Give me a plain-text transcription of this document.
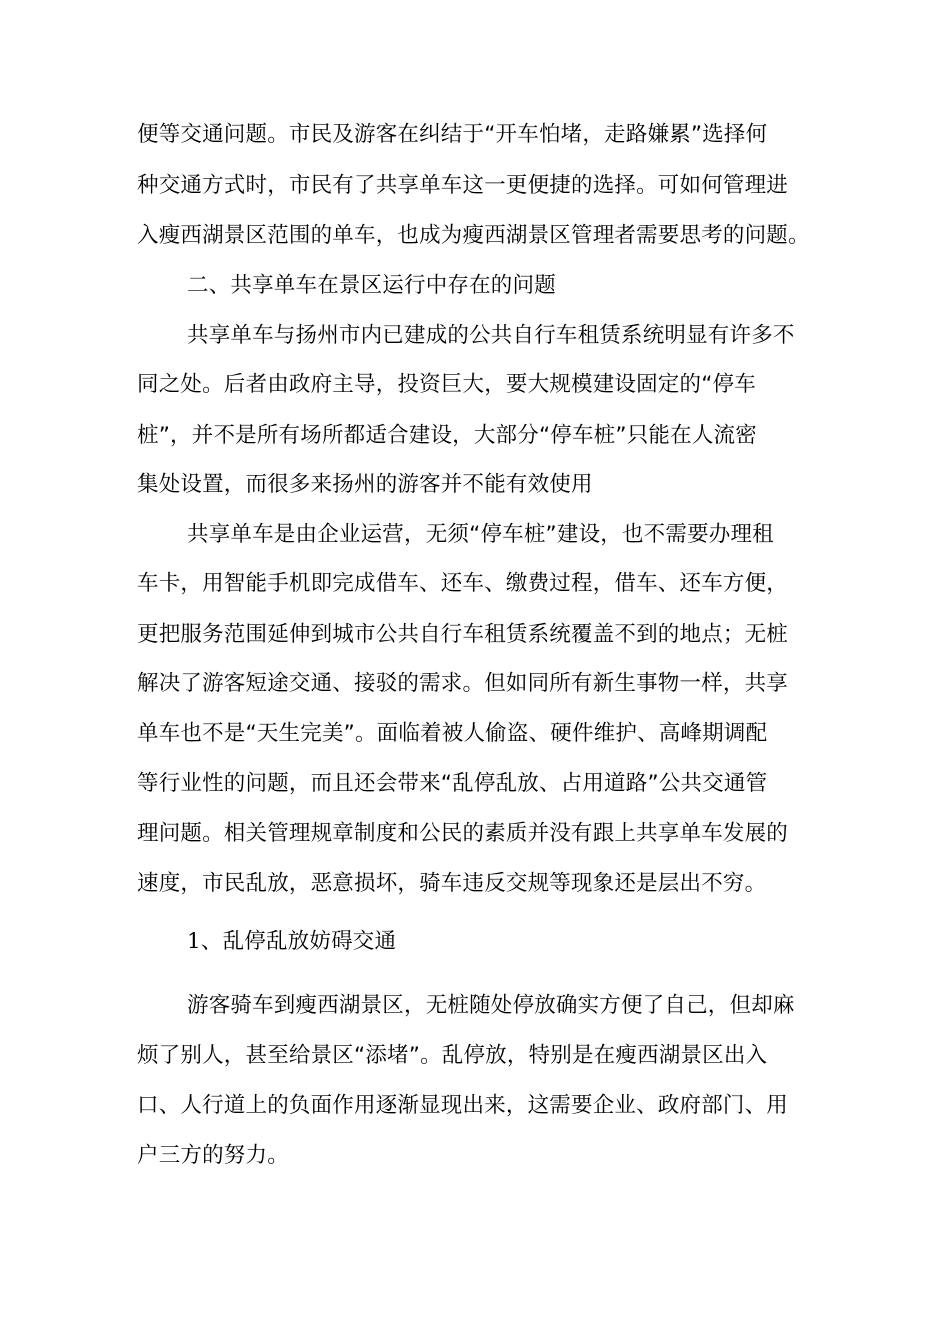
便等交通问题。市民及游客在纠结于“开车怕堵，走路嫌累”选择何
种交通方式时，市民有了共享单车这一更便捷的选择。可如何管理进
入瘦西湖景区范围的单车，也成为瘦西湖景区管理者需要思考的问题。
二、共享单车在景区运行中存在的问题
共享单车与扬州市内已建成的公共自行车租赁系统明显有许多不
同之处。后者由政府主导，投资巨大，要大规模建设固定的“停车
桩”，并不是所有场所都适合建设，大部分“停车桩”只能在人流密
集处设置，而很多来扬州的游客并不能有效使用
共享单车是由企业运营，无须“停车桩”建设，也不需要办理租
车卡，用智能手机即完成借车、还车、缴费过程，借车、还车方便，
更把服务范围延伸到城市公共自行车租赁系统覆盖不到的地点；无桩
解决了游客短途交通、接驳的需求。但如同所有新生事物一样，共享
单车也不是“天生完美”。面临着被人偷盗、硬件维护、高峰期调配
等行业性的问题，而且还会带来“乱停乱放、占用道路”公共交通管
理问题。相关管理规章制度和公民的素质并没有跟上共享单车发展的
速度，市民乱放，恶意损坏，骑车违反交规等现象还是层出不穷。
1、乱停乱放妨碍交通
游客骑车到瘦西湖景区，无桩随处停放确实方便了自己，但却麻
烦了别人，甚至给景区“添堵”。乱停放，特别是在瘦西湖景区出入
口、人行道上的负面作用逐渐显现出来，这需要企业、政府部门、用
户三方的努力。
